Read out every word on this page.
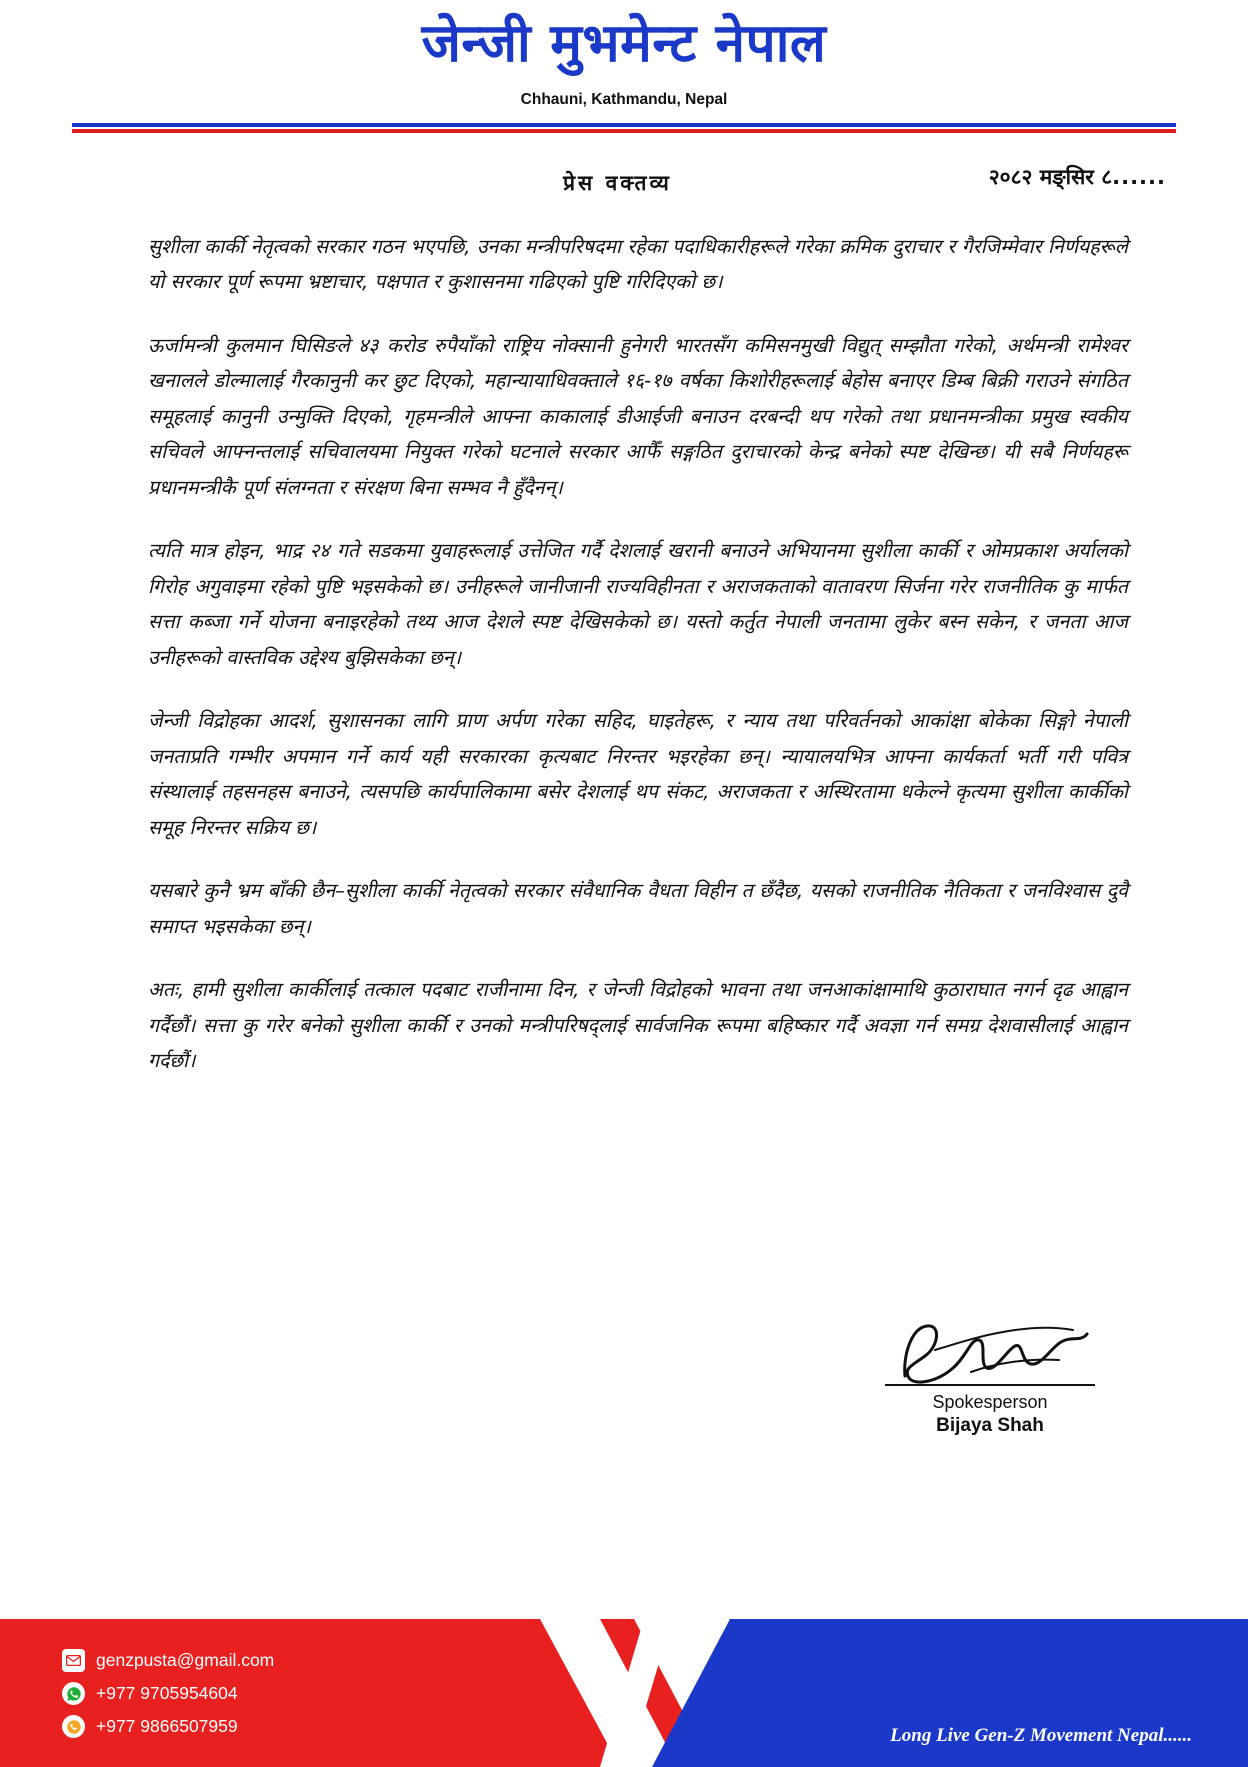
जेन्जी मुभमेन्ट नेपाल
Chhauni, Kathmandu, Nepal
प्रेस वक्तव्य	२०८२ मङ्सिर ८......

सुशीला कार्की नेतृत्वको सरकार गठन भएपछि, उनका मन्त्रीपरिषदमा रहेका पदाधिकारीहरूले गरेका क्रमिक दुराचार र गैरजिम्मेवार निर्णयहरूले यो सरकार पूर्ण रूपमा भ्रष्टाचार, पक्षपात र कुशासनमा गढिएको पुष्टि गरिदिएको छ।

ऊर्जामन्त्री कुलमान घिसिङले ४३ करोड रुपैयाँको राष्ट्रिय नोक्सानी हुनेगरी भारतसँग कमिसनमुखी विद्युत् सम्झौता गरेको, अर्थमन्त्री रामेश्वर खनालले डोल्मालाई गैरकानुनी कर छुट दिएको, महान्यायाधिवक्ताले १६-१७ वर्षका किशोरीहरूलाई बेहोस बनाएर डिम्ब बिक्री गराउने संगठित समूहलाई कानुनी उन्मुक्ति दिएको, गृहमन्त्रीले आफ्ना काकालाई डीआईजी बनाउन दरबन्दी थप गरेको तथा प्रधानमन्त्रीका प्रमुख स्वकीय सचिवले आफ्नन्तलाई सचिवालयमा नियुक्त गरेको घटनाले सरकार आफैँ सङ्गठित दुराचारको केन्द्र बनेको स्पष्ट देखिन्छ। यी सबै निर्णयहरू प्रधानमन्त्रीकै पूर्ण संलग्नता र संरक्षण बिना सम्भव नै हुँदैनन्।

त्यति मात्र होइन, भाद्र २४ गते सडकमा युवाहरूलाई उत्तेजित गर्दै देशलाई खरानी बनाउने अभियानमा सुशीला कार्की र ओमप्रकाश अर्यालको गिरोह अगुवाइमा रहेको पुष्टि भइसकेको छ। उनीहरूले जानीजानी राज्यविहीनता र अराजकताको वातावरण सिर्जना गरेर राजनीतिक कु मार्फत सत्ता कब्जा गर्ने योजना बनाइरहेको तथ्य आज देशले स्पष्ट देखिसकेको छ। यस्तो कर्तुत नेपाली जनतामा लुकेर बस्न सकेन, र जनता आज उनीहरूको वास्तविक उद्देश्य बुझिसकेका छन्।

जेन्जी विद्रोहका आदर्श, सुशासनका लागि प्राण अर्पण गरेका सहिद, घाइतेहरू, र न्याय तथा परिवर्तनको आकांक्षा बोकेका सिङ्गो नेपाली जनताप्रति गम्भीर अपमान गर्ने कार्य यही सरकारका कृत्यबाट निरन्तर भइरहेका छन्। न्यायालयभित्र आफ्ना कार्यकर्ता भर्ती गरी पवित्र संस्थालाई तहसनहस बनाउने, त्यसपछि कार्यपालिकामा बसेर देशलाई थप संकट, अराजकता र अस्थिरतामा धकेल्ने कृत्यमा सुशीला कार्कीको समूह निरन्तर सक्रिय छ।

यसबारे कुनै भ्रम बाँकी छैन–सुशीला कार्की नेतृत्वको सरकार संवैधानिक वैधता विहीन त छँदैछ, यसको राजनीतिक नैतिकता र जनविश्वास दुवै समाप्त भइसकेका छन्।

अतः, हामी सुशीला कार्कीलाई तत्काल पदबाट राजीनामा दिन, र जेन्जी विद्रोहको भावना तथा जनआकांक्षामाथि कुठाराघात नगर्न दृढ आह्वान गर्दैछौं। सत्ता कु गरेर बनेको सुशीला कार्की र उनको मन्त्रीपरिषद्लाई सार्वजनिक रूपमा बहिष्कार गर्दै अवज्ञा गर्न समग्र देशवासीलाई आह्वान गर्दछौं।

Spokesperson
Bijaya Shah
genzpusta@gmail.com
+977 9705954604
+977 9866507959	Long Live Gen-Z Movement Nepal......
